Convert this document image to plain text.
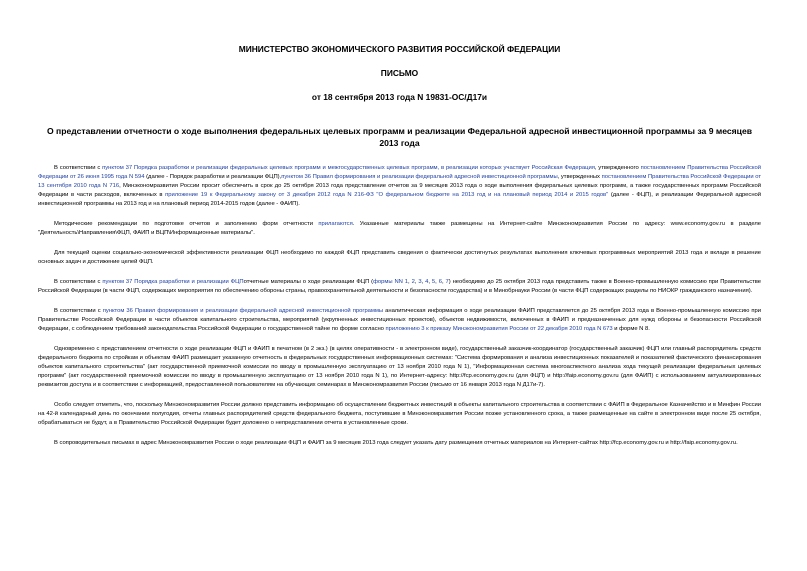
МИНИСТЕРСТВО ЭКОНОМИЧЕСКОГО РАЗВИТИЯ РОССИЙСКОЙ ФЕДЕРАЦИИ
ПИСЬМО
от 18 сентября 2013 года N 19831-ОС/Д17и
О представлении отчетности о ходе выполнения федеральных целевых программ и реализации Федеральной адресной инвестиционной программы за 9 месяцев 2013 года

В соответствии с пунктом 37 Порядка разработки и реализации федеральных целевых программ и межгосударственных целевых программ, в реализации которых участвует Российская Федерация, утвержденного постановлением Правительства Российской Федерации от 26 июня 1995 года N 594 (далее - Порядок разработки и реализации ФЦП),пунктом 36 Правил формирования и реализации федеральной адресной инвестиционной программы, утвержденных постановлением Правительства Российской Федерации от 13 сентября 2010 года N 716, Минэкономразвития России просит обеспечить в срок до 25 октября 2013 года представление отчетов за 9 месяцев 2013 года о ходе выполнения федеральных целевых программ, а также государственных программ Российской Федерации в части расходов, включенных в приложение 19 к Федеральному закону от 3 декабря 2012 года N 216-ФЗ "О федеральном бюджете на 2013 год и на плановый период 2014 и 2015 годов" (далее - ФЦП), и реализации Федеральной адресной инвестиционной программы на 2013 год и на плановый период 2014-2015 годов (далее - ФАИП).

Методические рекомендации по подготовке отчетов и заполнению форм отчетности прилагаются. Указанные материалы также размещены на Интернет-сайте Минэкономразвития России по адресу: www.economy.gov.ru в разделе "Деятельность\Направления\ФЦП, ФАИП и ВЦП\Информационные материалы".

Для текущей оценки социально-экономической эффективности реализации ФЦП необходимо по каждой ФЦП представить сведения о фактически достигнутых результатах выполнения ключевых программных мероприятий 2013 года и вкладе в решение основных задач и достижение целей ФЦП.

В соответствии с пунктом 37 Порядка разработки и реализации ФЦПотчетные материалы о ходе реализации ФЦП (формы NN 1, 2, 3, 4, 5, 6, 7) необходимо до 25 октября 2013 года представить также в Военно-промышленную комиссию при Правительстве Российской Федерации (в части ФЦП, содержащих мероприятия по обеспечению обороны страны, правоохранительной деятельности и безопасности государства) и в Минобрнауки России (в части ФЦП содержащих разделы по НИОКР гражданского назначения).

В соответствии с пунктом 36 Правил формирования и реализации федеральной адресной инвестиционной программы аналитическая информация о ходе реализации ФАИП представляется до 25 октября 2013 года в Военно-промышленную комиссию при Правительстве Российской Федерации в части объектов капитального строительства, мероприятий (укрупненных инвестиционных проектов), объектов недвижимости, включенных в ФАИП и предназначенных для нужд обороны и безопасности Российской Федерации, с соблюдением требований законодательства Российской Федерации о государственной тайне по форме согласно приложению 3 к приказу Минэкономразвития России от 22 декабря 2010 года N 673 и форме N 8.

Одновременно с представлением отчетности о ходе реализации ФЦП и ФАИП в печатном (в 2 экз.) (в целях оперативности - в электронном виде), государственный заказчик-координатор (государственный заказчик) ФЦП или главный распорядитель средств федерального бюджета по стройкам и объектам ФАИП размещает указанную отчетность в федеральных государственных информационных системах: "Система формирования и анализа инвестиционных показателей и показателей фактического финансирования объектов капитального строительства" (акт государственной приемочной комиссии по вводу в промышленную эксплуатацию от 13 ноября 2010 года N 1), "Информационная система многоаспектного анализа хода текущей реализации федеральных целевых программ" (акт государственной приемочной комиссии по вводу в промышленную эксплуатацию от 13 ноября 2010 года N 1), по Интернет-адресу: http://fcp.economy.gov.ru (для ФЦП) и http://faip.economy.gov.ru (для ФАИП) с использованием актуализированных реквизитов доступа и в соответствии с информацией, предоставленной пользователям на обучающих семинарах в Минэкономразвития России (письмо от 16 января 2013 года N Д17и-7).

Особо следует отметить, что, поскольку Минэкономразвития России должно представить информацию об осуществлении бюджетных инвестиций в объекты капитального строительства в соответствии с ФАИП в Федеральное Казначейство и в Минфин России на 42-й календарный день по окончании полугодия, отчеты главных распорядителей средств федерального бюджета, поступившие в Минэкономразвития России позже установленного срока, а также размещенные на сайте в электронном виде после 25 октября, обрабатываться не будут, а в Правительство Российской Федерации будет доложено о непредставлении отчета в установленные сроки.

В сопроводительных письмах в адрес Минэкономразвития России о ходе реализации ФЦП и ФАИП за 9 месяцев 2013 года следует указать дату размещения отчетных материалов на Интернет-сайтах http://fcp.economy.gov.ru и http://faip.economy.gov.ru.
